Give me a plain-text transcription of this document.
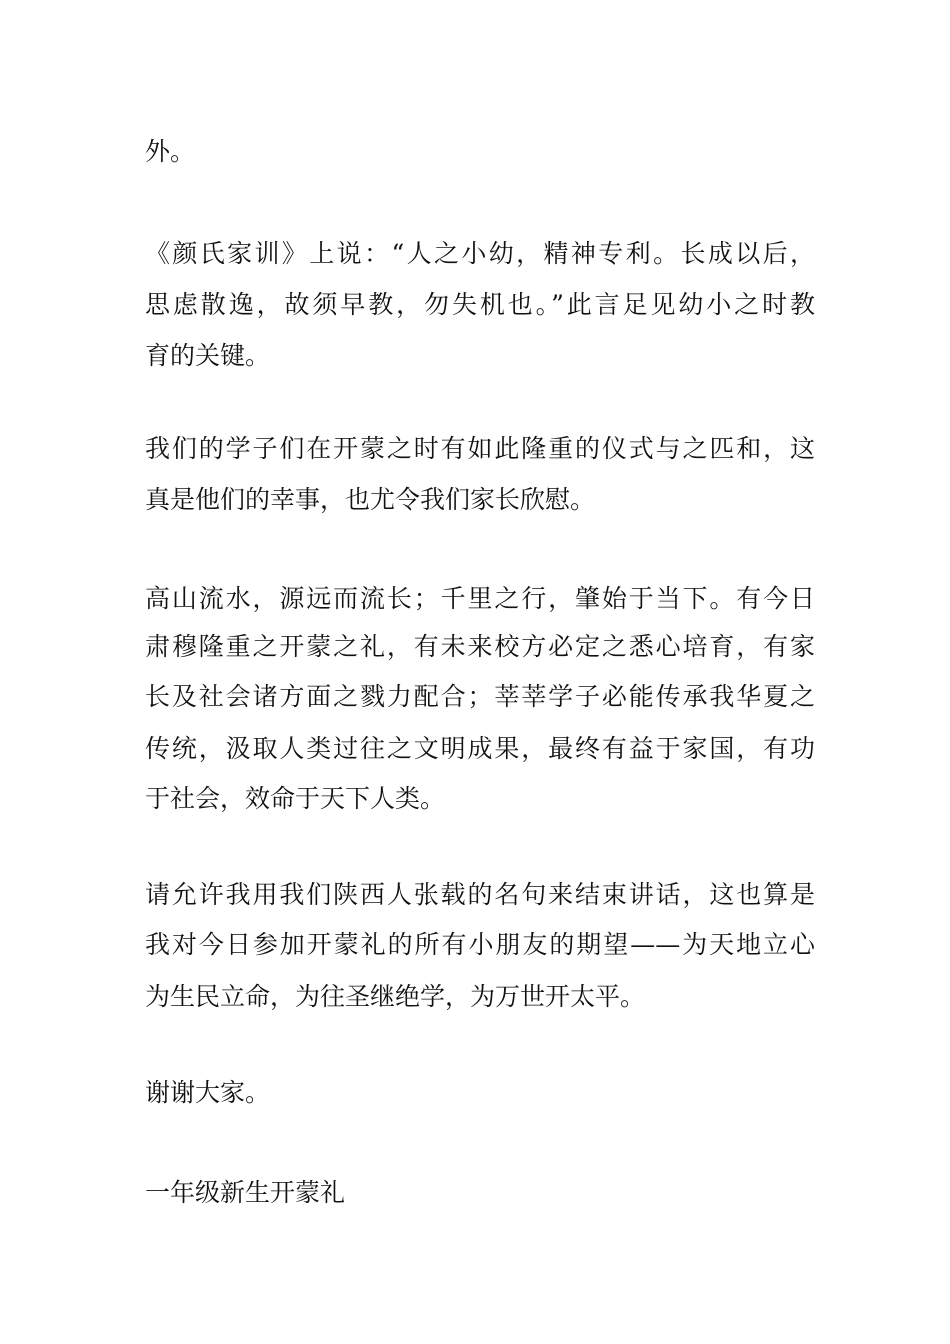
外。
《颜氏家训》上说：“人之小幼，精神专利。长成以后，
思虑散逸，故须早教，勿失机也。”此言足见幼小之时教
育的关键。
我们的学子们在开蒙之时有如此隆重的仪式与之匹和，这
真是他们的幸事，也尤令我们家长欣慰。
高山流水，源远而流长；千里之行，肇始于当下。有今日
肃穆隆重之开蒙之礼，有未来校方必定之悉心培育，有家
长及社会诸方面之戮力配合；莘莘学子必能传承我华夏之
传统，汲取人类过往之文明成果，最终有益于家国，有功
于社会，效命于天下人类。
请允许我用我们陕西人张载的名句来结束讲话，这也算是
我对今日参加开蒙礼的所有小朋友的期望——为天地立心
为生民立命，为往圣继绝学，为万世开太平。
谢谢大家。
一年级新生开蒙礼
